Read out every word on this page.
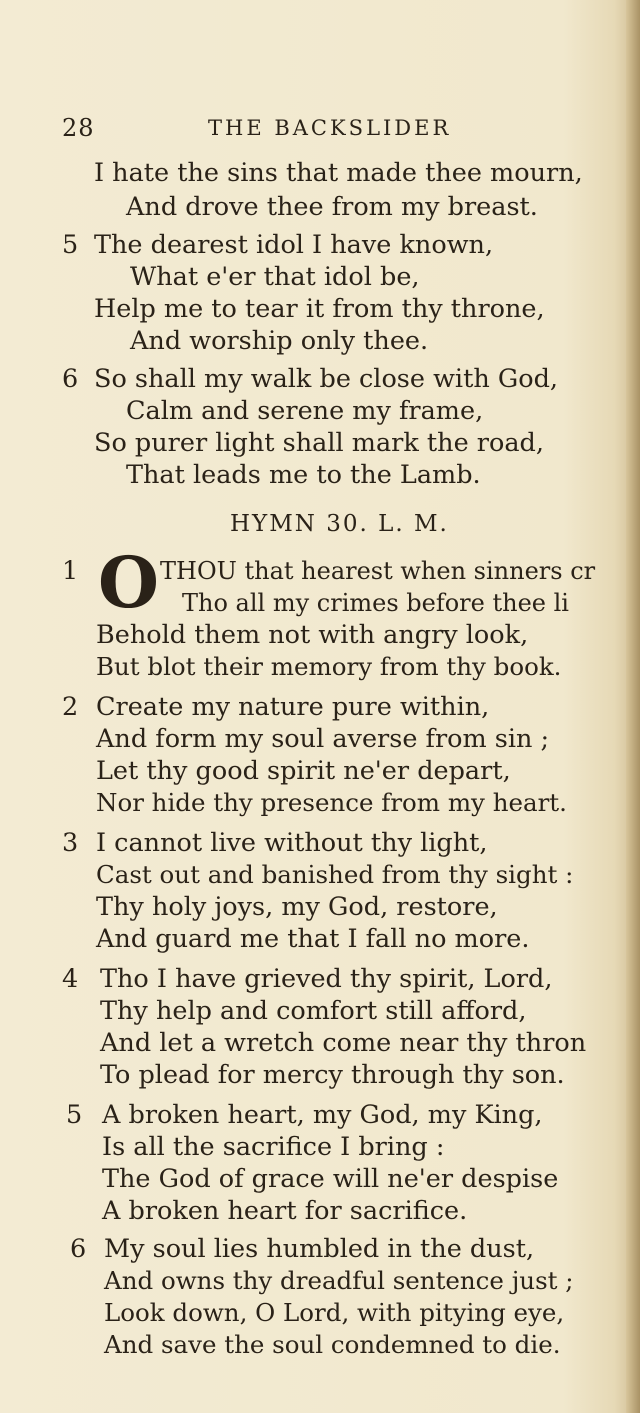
28	THE BACKSLIDER
I hate the sins that made thee mourn,
And drove thee from my breast.
5 The dearest idol I have known,
What e'er that idol be,
Help me to tear it from thy throne,
And worship only thee.
6 So shall my walk be close with God,
Calm and serene my frame,
So purer light shall mark the road,
That leads me to the Lamb.
HYMN 30. L. M.
1 O THOU that hearest when sinners cr
Tho all my crimes before thee li
Behold them not with angry look,
But blot their memory from thy book.
2 Create my nature pure within,
And form my soul averse from sin ;
Let thy good spirit ne'er depart,
Nor hide thy presence from my heart.
3 I cannot live without thy light,
Cast out and banished from thy sight :
Thy holy joys, my God, restore,
And guard me that I fall no more.
4 Tho I have grieved thy spirit, Lord,
Thy help and comfort still afford,
And let a wretch come near thy thron
To plead for mercy through thy son.
5 A broken heart, my God, my King,
Is all the sacrifice I bring :
The God of grace will ne'er despise
A broken heart for sacrifice.
6 My soul lies humbled in the dust,
And owns thy dreadful sentence just ;
Look down, O Lord, with pitying eye,
And save the soul condemned to die.
